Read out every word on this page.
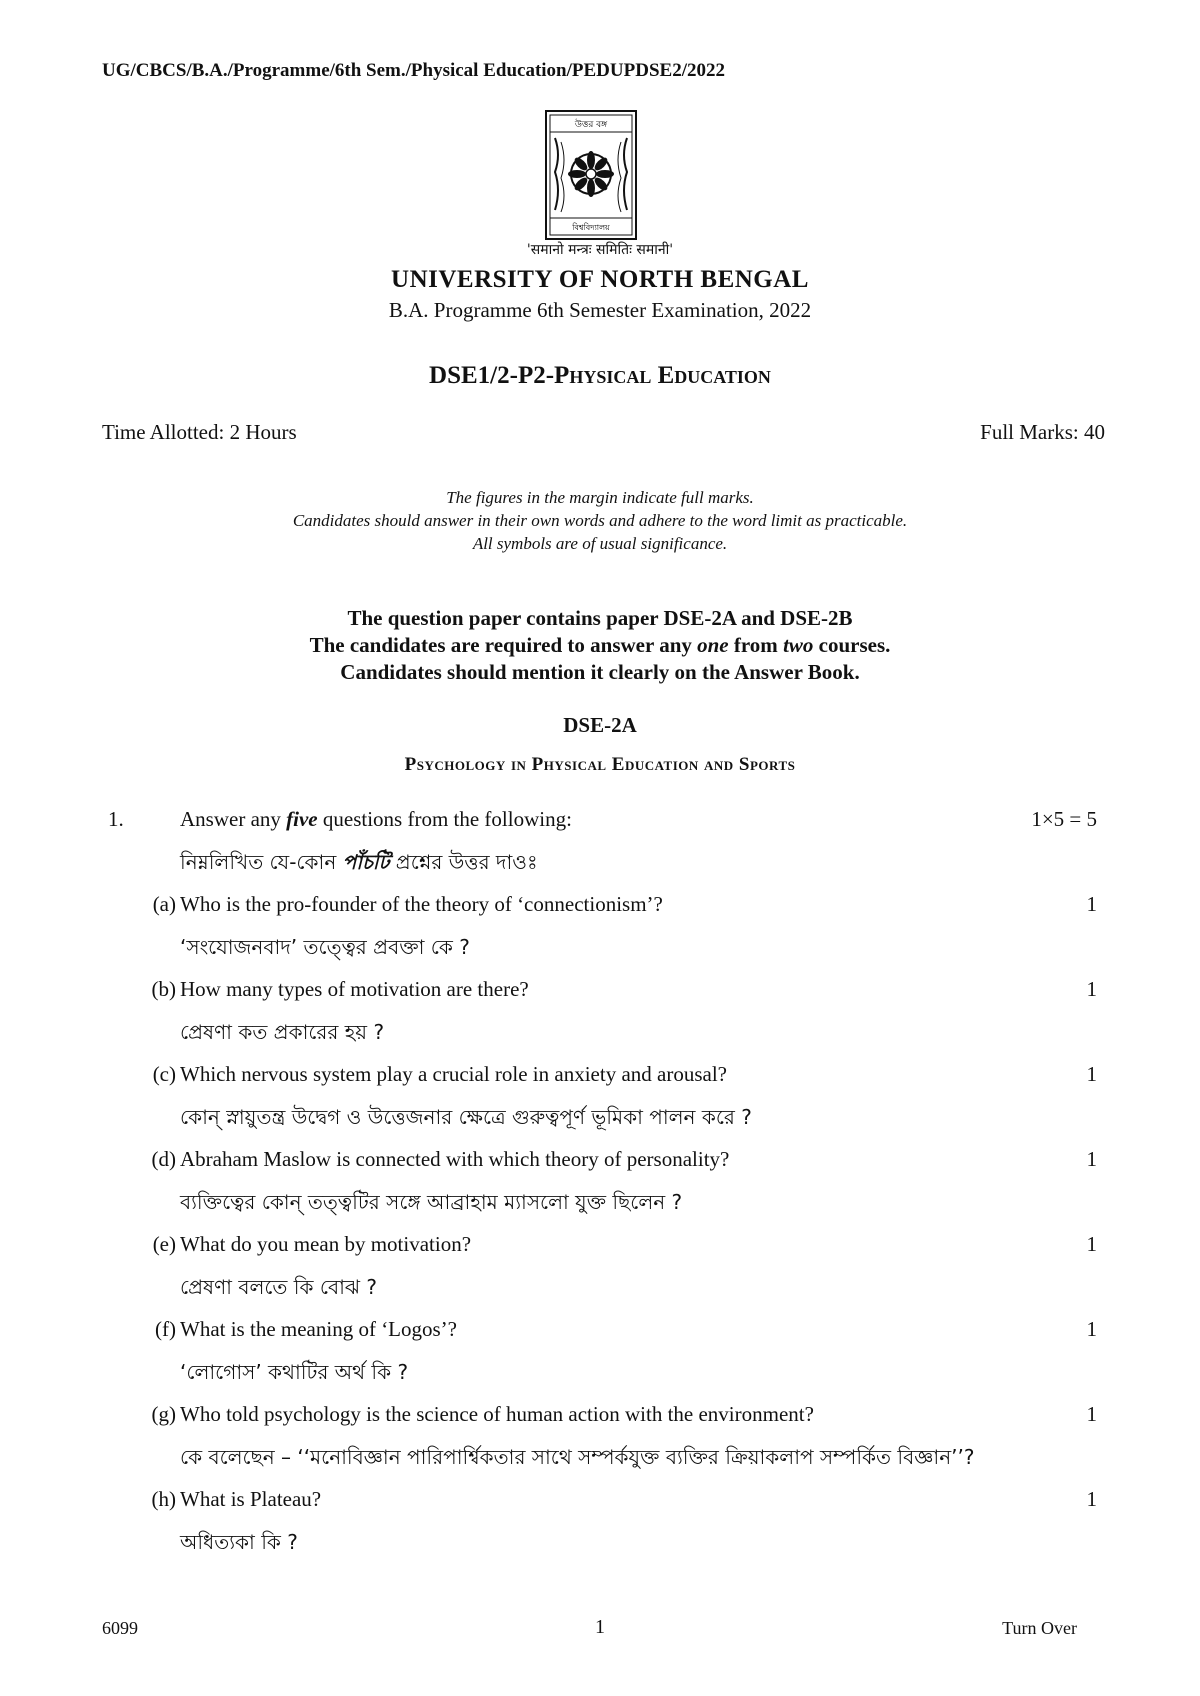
UG/CBCS/B.A./Programme/6th Sem./Physical Education/PEDUPDSE2/2022
উত্তর বঙ্গ
বিশ্ববিদ্যালয়
'समानो मन्त्रः समितिः समानी'
UNIVERSITY OF NORTH BENGAL
B.A. Programme 6th Semester Examination, 2022
DSE1/2-P2-Physical Education
Time Allotted: 2 Hours	Full Marks: 40
The figures in the margin indicate full marks.
Candidates should answer in their own words and adhere to the word limit as practicable.
All symbols are of usual significance.
The question paper contains paper DSE-2A and DSE-2B
The candidates are required to answer any one from two courses.
Candidates should mention it clearly on the Answer Book.
DSE-2A
Psychology in Physical Education and Sports
1.	Answer any five questions from the following:	1×5 = 5
নিম্নলিখিত যে-কোন পাঁচটি প্রশ্নের উত্তর দাওঃ
(a) Who is the pro-founder of the theory of ‘connectionism’?	1
‘সংযোজনবাদ’ তত্ত্বের প্রবক্তা কে ?
(b) How many types of motivation are there?	1
প্রেষণা কত প্রকারের হয় ?
(c) Which nervous system play a crucial role in anxiety and arousal?	1
কোন্ স্নায়ুতন্ত্র উদ্বেগ ও উত্তেজনার ক্ষেত্রে গুরুত্বপূর্ণ ভূমিকা পালন করে ?
(d) Abraham Maslow is connected with which theory of personality?	1
ব্যক্তিত্বের কোন্ তত্ত্বটির সঙ্গে আব্রাহাম ম্যাসলো যুক্ত ছিলেন ?
(e) What do you mean by motivation?	1
প্রেষণা বলতে কি বোঝ ?
(f) What is the meaning of ‘Logos’?	1
‘লোগোস’ কথাটির অর্থ কি ?
(g) Who told psychology is the science of human action with the environment?	1
কে বলেছেন – ‘‘মনোবিজ্ঞান পারিপার্শ্বিকতার সাথে সম্পর্কযুক্ত ব্যক্তির ক্রিয়াকলাপ সম্পর্কিত বিজ্ঞান’’?
(h) What is Plateau?	1
অধিত্যকা কি ?
6099	1	Turn Over
